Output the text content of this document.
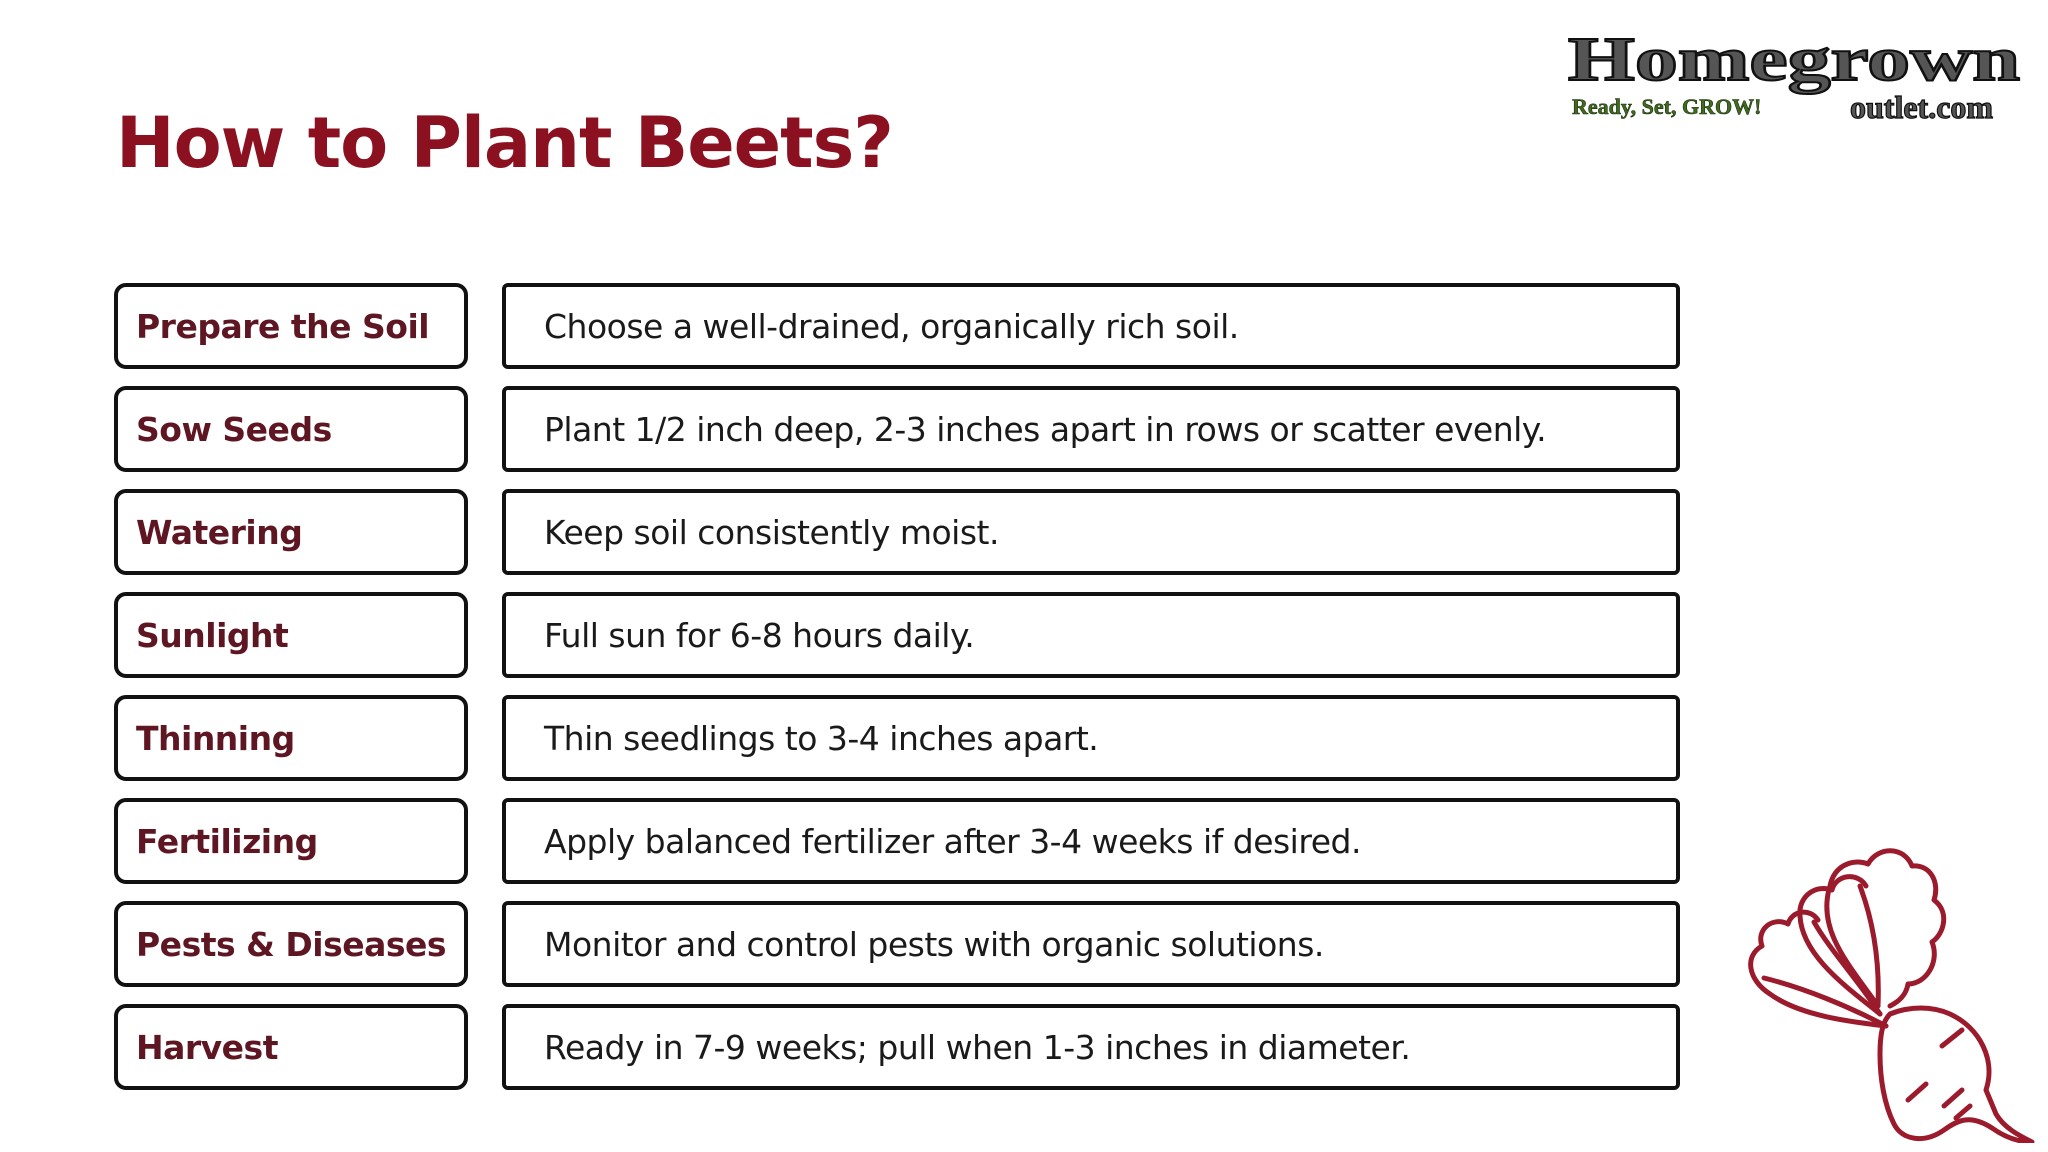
How to Plant Beets?
Homegrown
Ready, Set, GROW!	outlet.com
Prepare the Soil	Choose a well-drained, organically rich soil.
Sow Seeds	Plant 1/2 inch deep, 2-3 inches apart in rows or scatter evenly.
Watering	Keep soil consistently moist.
Sunlight	Full sun for 6-8 hours daily.
Thinning	Thin seedlings to 3-4 inches apart.
Fertilizing	Apply balanced fertilizer after 3-4 weeks if desired.
Pests & Diseases	Monitor and control pests with organic solutions.
Harvest	Ready in 7-9 weeks; pull when 1-3 inches in diameter.
